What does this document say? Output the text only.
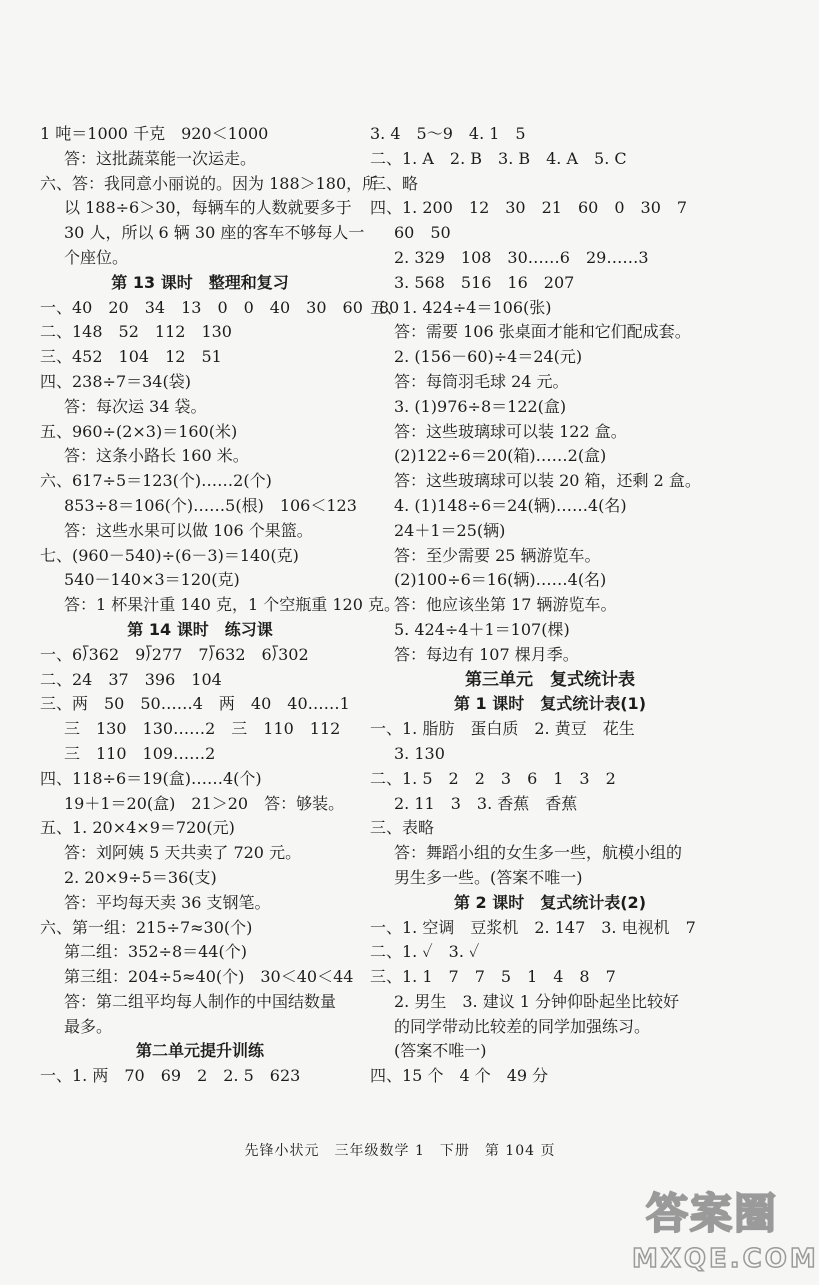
1 吨＝1000 千克　920＜1000
答：这批蔬菜能一次运走。
六、答：我同意小丽说的。因为 188＞180，所
以 188÷6＞30，每辆车的人数就要多于
30 人，所以 6 辆 30 座的客车不够每人一
个座位。
第 13 课时　整理和复习
一、40　20　34　13　0　0　40　30　60　80
二、148　52　112　130
三、452　104　12　51
四、238÷7＝34(袋)
答：每次运 34 袋。
五、960÷(2×3)＝160(米)
答：这条小路长 160 米。
六、617÷5＝123(个)……2(个)
853÷8＝106(个)……5(根)　106＜123
答：这些水果可以做 106 个果篮。
七、(960－540)÷(6－3)＝140(克)
540－140×3＝120(克)
答：1 杯果汁重 140 克，1 个空瓶重 120 克。
第 14 课时　练习课
一、6⟌362　9⟌277　7⟌632　6⟌302
二、24　37　396　104
三、两　50　50……4　两　40　40……1
三　130　130……2　三　110　112
三　110　109……2
四、118÷6＝19(盒)……4(个)
19＋1＝20(盒)　21＞20　答：够装。
五、1. 20×4×9＝720(元)
答：刘阿姨 5 天共卖了 720 元。
2. 20×9÷5＝36(支)
答：平均每天卖 36 支钢笔。
六、第一组：215÷7≈30(个)
第二组：352÷8＝44(个)
第三组：204÷5≈40(个)　30＜40＜44
答：第二组平均每人制作的中国结数量
最多。
第二单元提升训练
一、1. 两　70　69　2　2. 5　623
3. 4　5～9　4. 1　5
二、1. A　2. B　3. B　4. A　5. C
三、略
四、1. 200　12　30　21　60　0　30　7
60　50
2. 329　108　30……6　29……3
3. 568　516　16　207
五、1. 424÷4＝106(张)
答：需要 106 张桌面才能和它们配成套。
2. (156－60)÷4＝24(元)
答：每筒羽毛球 24 元。
3. (1)976÷8＝122(盒)
答：这些玻璃球可以装 122 盒。
(2)122÷6＝20(箱)……2(盒)
答：这些玻璃球可以装 20 箱，还剩 2 盒。
4. (1)148÷6＝24(辆)……4(名)
24＋1＝25(辆)
答：至少需要 25 辆游览车。
(2)100÷6＝16(辆)……4(名)
答：他应该坐第 17 辆游览车。
5. 424÷4＋1＝107(棵)
答：每边有 107 棵月季。
第三单元　复式统计表
第 1 课时　复式统计表(1)
一、1. 脂肪　蛋白质　2. 黄豆　花生
3. 130
二、1. 5　2　2　3　6　1　3　2
2. 11　3　3. 香蕉　香蕉
三、表略
答：舞蹈小组的女生多一些，航模小组的
男生多一些。(答案不唯一)
第 2 课时　复式统计表(2)
一、1. 空调　豆浆机　2. 147　3. 电视机　7
二、1. ✓　3. ✓
三、1. 1　7　7　5　1　4　8　7
2. 男生　3. 建议 1 分钟仰卧起坐比较好
的同学带动比较差的同学加强练习。
(答案不唯一)
四、15 个　4 个　49 分
先锋小状元　三年级数学 1　下册　第 104 页
答案圈
MXQE.COM
